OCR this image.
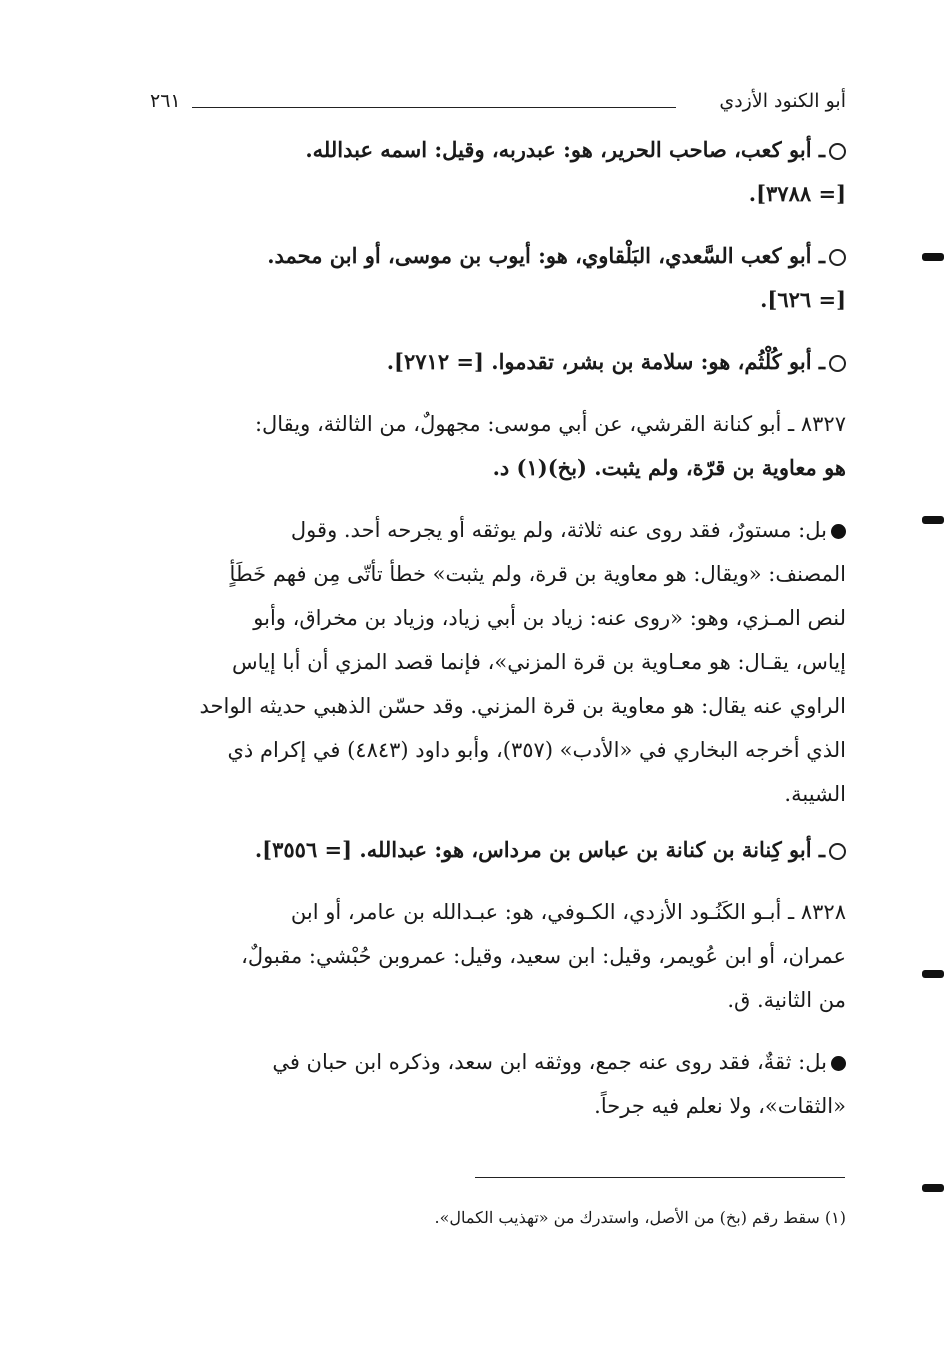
أبو الكنود الأزدي
٢٦١
ـ أبو كعب، صاحب الحرير، هو: عبدربه، وقيل: اسمه عبدالله.
[= ٣٧٨٨].
ـ أبو كعب السَّعدي، البَلْقاوي، هو: أيوب بن موسى، أو ابن محمد.
[= ٦٢٦].
ـ أبو كُلْثُم، هو: سلامة بن بشر، تقدموا. [= ٢٧١٢].
٨٣٢٧ ـ أبو كنانة القرشي، عن أبي موسى: مجهولٌ، من الثالثة، ويقال:
هو معاوية بن قرّة، ولم يثبت. (بخ)(١) د.
بل: مستورٌ، فقد روى عنه ثلاثة، ولم يوثقه أو يجرحه أحد. وقول
المصنف: «ويقال: هو معاوية بن قرة، ولم يثبت» خطأ تأتّى مِن فهم خَطَأٍ
لنص المـزي، وهو: «روى عنه: زياد بن أبي زياد، وزياد بن مخراق، وأبو
إياس، يقـال: هو معـاوية بن قرة المزني»، فإنما قصد المزي أن أبا إياس
الراوي عنه يقال: هو معاوية بن قرة المزني. وقد حسّن الذهبي حديثه الواحد
الذي أخرجه البخاري في «الأدب» (٣٥٧)، وأبو داود (٤٨٤٣) في إكرام ذي
الشيبة.
ـ أبو كِنانة بن كنانة بن عباس بن مرداس، هو: عبدالله. [= ٣٥٥٦].
٨٣٢٨ ـ أبـو الكَنُـود الأزدي، الكـوفي، هو: عبـدالله بن عامر، أو ابن
عمران، أو ابن عُويمر، وقيل: ابن سعيد، وقيل: عمروبن حُبْشي: مقبولٌ،
من الثانية. ق.
بل: ثقةٌ، فقد روى عنه جمع، ووثقه ابن سعد، وذكره ابن حبان في
«الثقات»، ولا نعلم فيه جرحاً.
(١) سقط رقم (بخ) من الأصل، واستدرك من «تهذيب الكمال».
